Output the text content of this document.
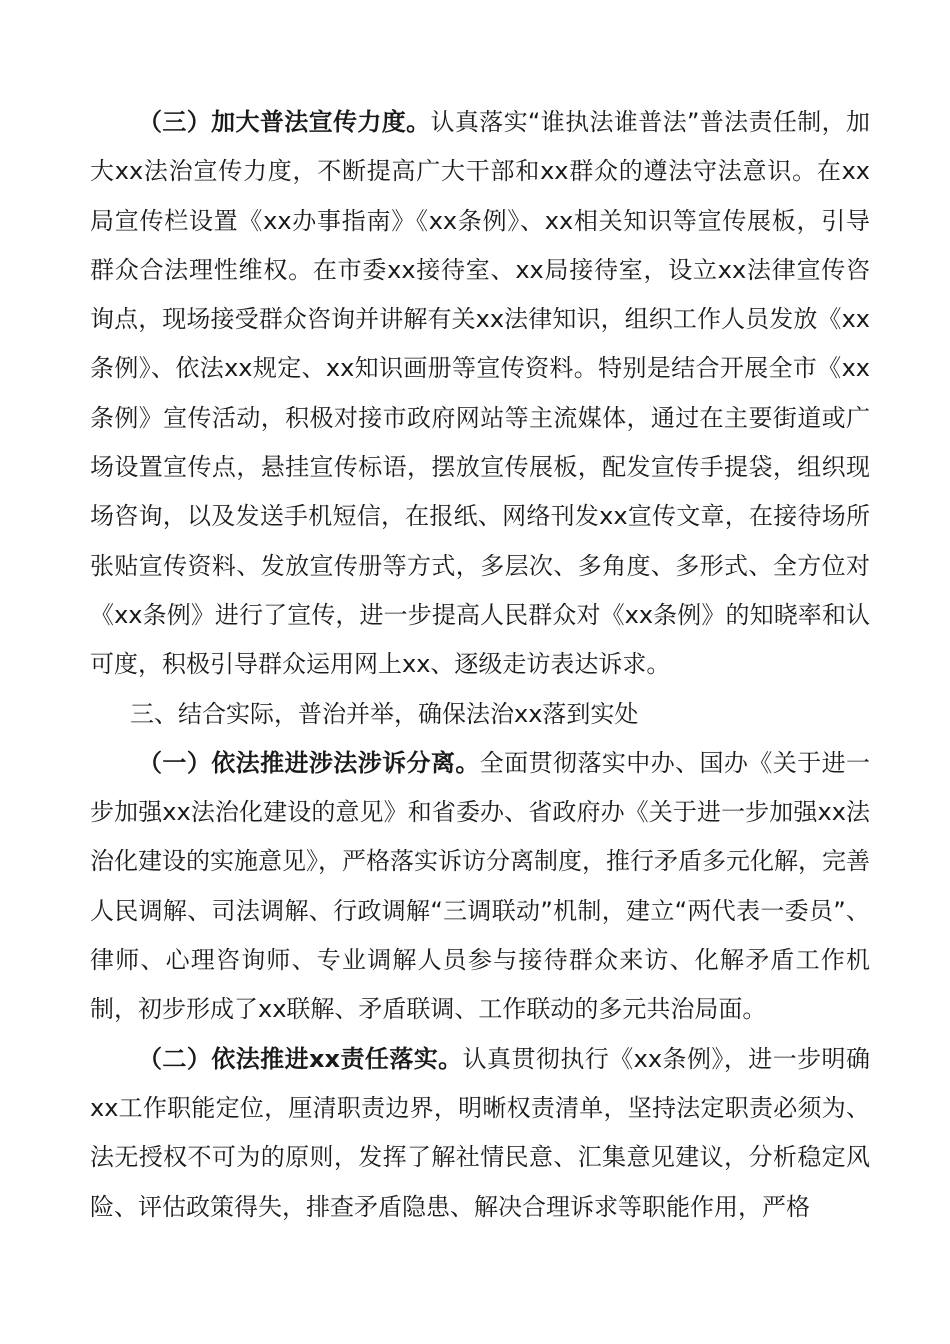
（三）加大普法宣传力度。认真落实“谁执法谁普法”普法责任制，加大xx法治宣传力度，不断提高广大干部和xx群众的遵法守法意识。在xx局宣传栏设置《xx办事指南》《xx条例》、xx相关知识等宣传展板，引导群众合法理性维权。在市委xx接待室、xx局接待室，设立xx法律宣传咨询点，现场接受群众咨询并讲解有关xx法律知识，组织工作人员发放《xx条例》、依法xx规定、xx知识画册等宣传资料。特别是结合开展全市《xx条例》宣传活动，积极对接市政府网站等主流媒体，通过在主要街道或广场设置宣传点，悬挂宣传标语，摆放宣传展板，配发宣传手提袋，组织现场咨询，以及发送手机短信，在报纸、网络刊发xx宣传文章，在接待场所张贴宣传资料、发放宣传册等方式，多层次、多角度、多形式、全方位对《xx条例》进行了宣传，进一步提高人民群众对《xx条例》的知晓率和认可度，积极引导群众运用网上xx、逐级走访表达诉求。

三、结合实际，普治并举，确保法治xx落到实处

（一）依法推进涉法涉诉分离。全面贯彻落实中办、国办《关于进一步加强xx法治化建设的意见》和省委办、省政府办《关于进一步加强xx法治化建设的实施意见》，严格落实诉访分离制度，推行矛盾多元化解，完善人民调解、司法调解、行政调解“三调联动”机制，建立“两代表一委员”、律师、心理咨询师、专业调解人员参与接待群众来访、化解矛盾工作机制，初步形成了xx联解、矛盾联调、工作联动的多元共治局面。

（二）依法推进xx责任落实。认真贯彻执行《xx条例》，进一步明确xx工作职能定位，厘清职责边界，明晰权责清单，坚持法定职责必须为、法无授权不可为的原则，发挥了解社情民意、汇集意见建议，分析稳定风险、评估政策得失，排查矛盾隐患、解决合理诉求等职能作用，严格
